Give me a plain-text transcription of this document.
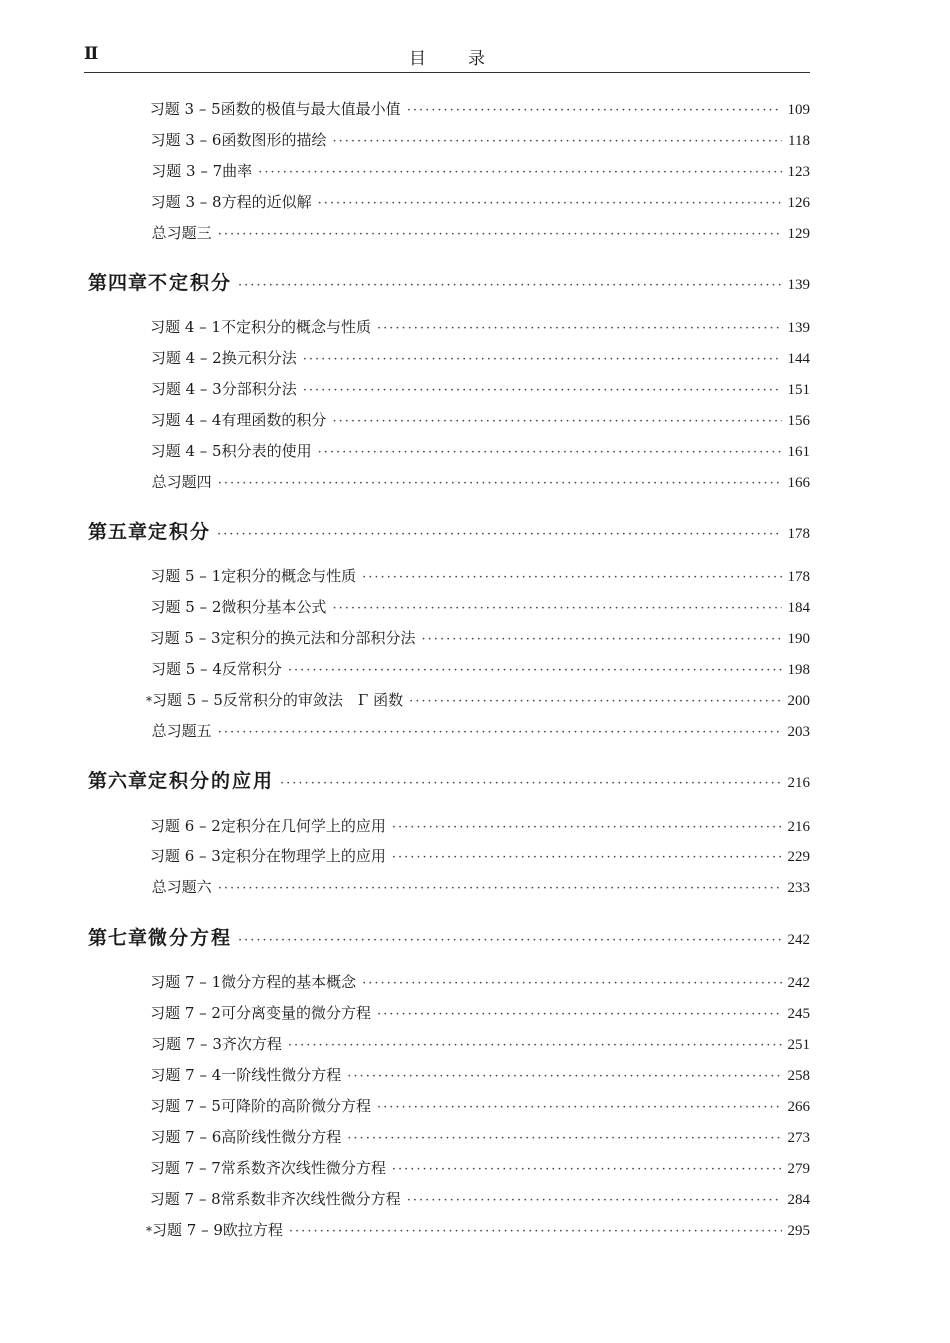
Ⅱ	目录
习题 3 – 5 函数的极值与最大值最小值 ·····	109
习题 3 – 6 函数图形的描绘 ·····	118
习题 3 – 7 曲率 ·····	123
习题 3 – 8 方程的近似解 ·····	126
总习题三 ·····	129
第四章 不定积分 ·····	139
习题 4 – 1 不定积分的概念与性质 ·····	139
习题 4 – 2 换元积分法 ·····	144
习题 4 – 3 分部积分法 ·····	151
习题 4 – 4 有理函数的积分 ·····	156
习题 4 – 5 积分表的使用 ·····	161
总习题四 ·····	166
第五章 定积分 ·····	178
习题 5 – 1 定积分的概念与性质 ·····	178
习题 5 – 2 微积分基本公式 ·····	184
习题 5 – 3 定积分的换元法和分部积分法 ·····	190
习题 5 – 4 反常积分 ·····	198
* 习题 5 – 5 反常积分的审敛法　Γ 函数 ·····	200
总习题五 ·····	203
第六章 定积分的应用 ·····	216
习题 6 – 2 定积分在几何学上的应用 ·····	216
习题 6 – 3 定积分在物理学上的应用 ·····	229
总习题六 ·····	233
第七章 微分方程 ·····	242
习题 7 – 1 微分方程的基本概念 ·····	242
习题 7 – 2 可分离变量的微分方程 ·····	245
习题 7 – 3 齐次方程 ·····	251
习题 7 – 4 一阶线性微分方程 ·····	258
习题 7 – 5 可降阶的高阶微分方程 ·····	266
习题 7 – 6 高阶线性微分方程 ·····	273
习题 7 – 7 常系数齐次线性微分方程 ·····	279
习题 7 – 8 常系数非齐次线性微分方程 ·····	284
* 习题 7 – 9 欧拉方程 ·····	295
